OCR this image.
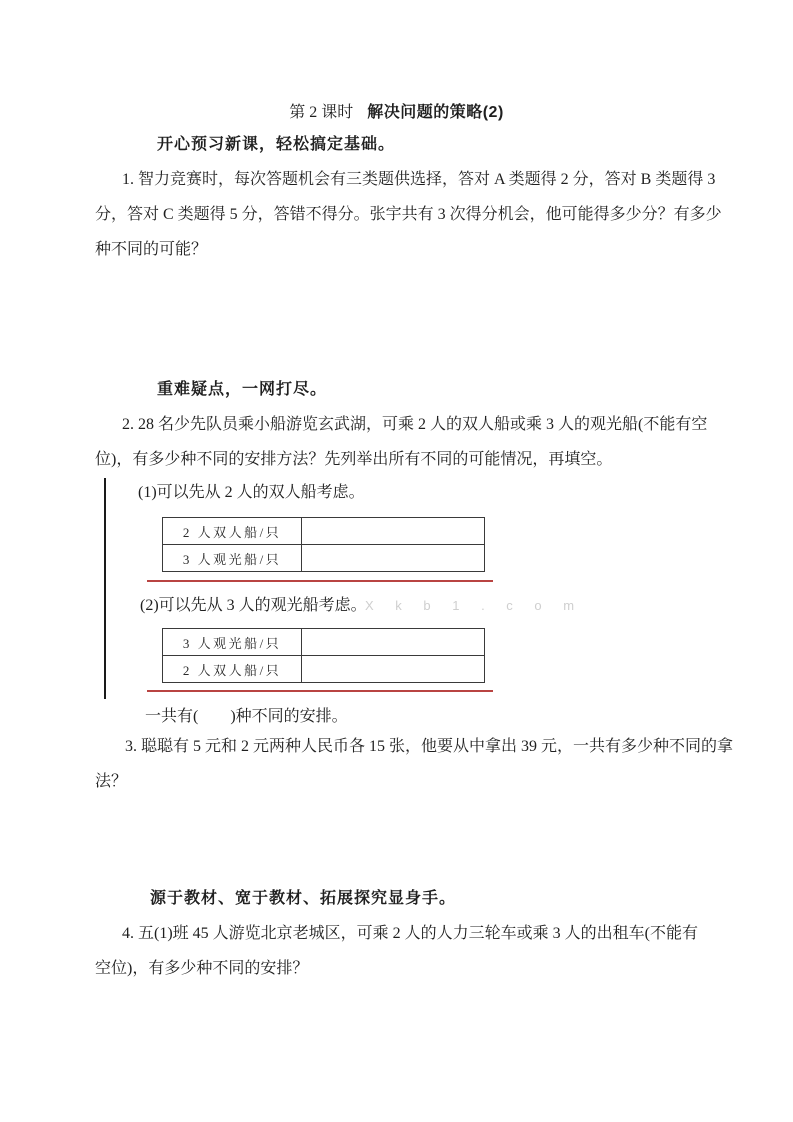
第 2 课时 解决问题的策略(2)
开心预习新课，轻松搞定基础。
1. 智力竞赛时，每次答题机会有三类题供选择，答对 A 类题得 2 分，答对 B 类题得 3
分，答对 C 类题得 5 分，答错不得分。张宇共有 3 次得分机会，他可能得多少分？有多少
种不同的可能？
重难疑点，一网打尽。
2. 28 名少先队员乘小船游览玄武湖，可乘 2 人的双人船或乘 3 人的观光船(不能有空
位)，有多少种不同的安排方法？先列举出所有不同的可能情况，再填空。
(1)可以先从 2 人的双人船考虑。
2 人双人船/只	
3 人观光船/只	
(2)可以先从 3 人的观光船考虑。
X k b 1 . c o m
3 人观光船/只	
2 人双人船/只	
一共有(　　)种不同的安排。
3. 聪聪有 5 元和 2 元两种人民币各 15 张，他要从中拿出 39 元，一共有多少种不同的拿
法？
源于教材、宽于教材、拓展探究显身手。
4. 五(1)班 45 人游览北京老城区，可乘 2 人的人力三轮车或乘 3 人的出租车(不能有
空位)，有多少种不同的安排？
